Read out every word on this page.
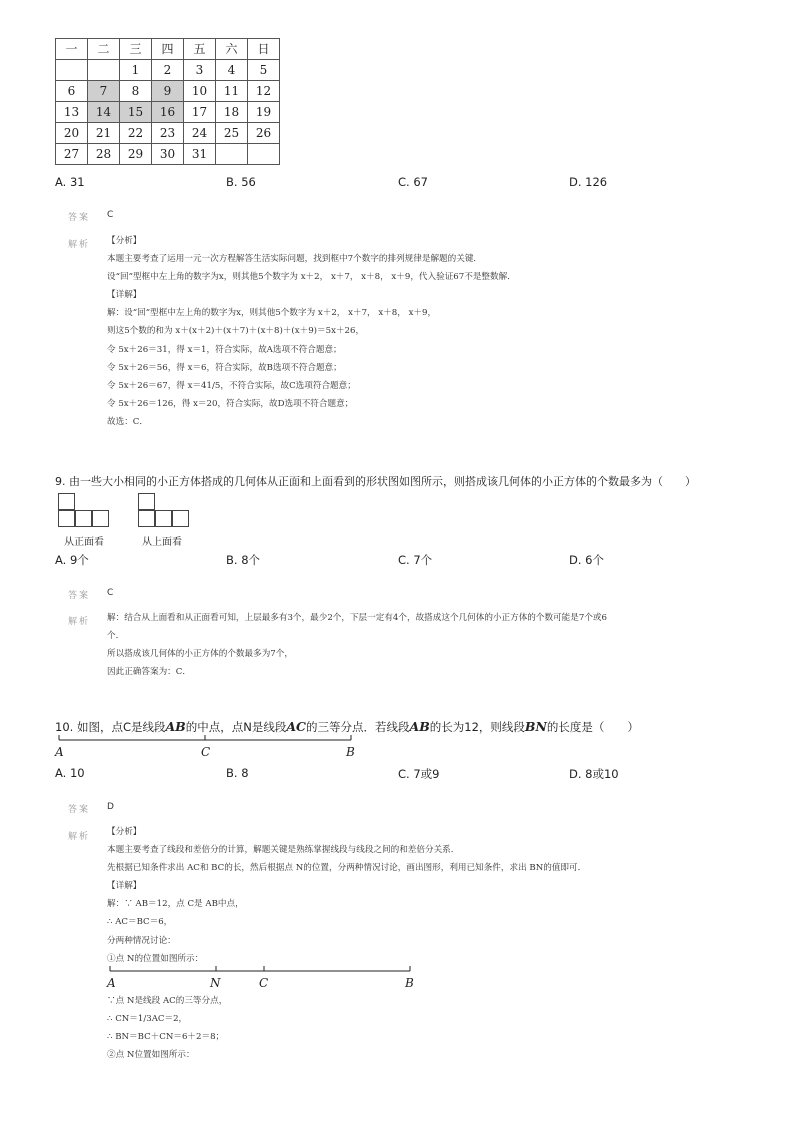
一	二	三	四	五	六	日
		1	2	3	4	5
6	7	8	9	10	11	12
13	14	15	16	17	18	19
20	21	22	23	24	25	26
27	28	29	30	31		
A. 31	B. 56	C. 67	D. 126
答案 C
解析 【分析】
本题主要考查了运用一元一次方程解答生活实际问题，找到框中7个数字的排列规律是解题的关键．
设“回”型框中左上角的数字为x，则其他5个数字为 x＋2， x＋7， x＋8， x＋9，代入验证67不是整数解．
【详解】
解：设“回”型框中左上角的数字为x，则其他5个数字为 x＋2， x＋7， x＋8， x＋9，
则这5个数的和为 x＋(x＋2)＋(x＋7)＋(x＋8)＋(x＋9)＝5x＋26，
令 5x＋26＝31，得 x＝1，符合实际，故A选项不符合题意；
令 5x＋26＝56，得 x＝6，符合实际，故B选项不符合题意；
令 5x＋26＝67，得 x＝41/5，不符合实际，故C选项符合题意；
令 5x＋26＝126，得 x＝20，符合实际，故D选项不符合题意；
故选：C．
9. 由一些大小相同的小正方体搭成的几何体从正面和上面看到的形状图如图所示，则搭成该几何体的小正方体的个数最多为（　　）
从正面看	从上面看
A. 9个	B. 8个	C. 7个	D. 6个
答案 C
解析 解：结合从上面看和从正面看可知，上层最多有3个，最少2个，下层一定有4个，故搭成这个几何体的小正方体的个数可能是7个或6
个．
所以搭成该几何体的小正方体的个数最多为7个，
因此正确答案为：C．
10. 如图，点C是线段AB的中点，点N是线段AC的三等分点．若线段AB的长为12，则线段BN的长度是（　　）
A	C	B
A. 10	B. 8	C. 7或9	D. 8或10
答案 D
解析 【分析】
本题主要考查了线段和差倍分的计算，解题关键是熟练掌握线段与线段之间的和差倍分关系．
先根据已知条件求出 AC和 BC的长，然后根据点 N的位置，分两种情况讨论，画出图形，利用已知条件，求出 BN的值即可．
【详解】
解：∵ AB＝12，点 C是 AB中点，
∴ AC＝BC＝6，
分两种情况讨论：
①点 N的位置如图所示：
A	N	C	B
∵点 N是线段 AC的三等分点，
∴ CN＝1/3AC＝2，
∴ BN＝BC＋CN＝6＋2＝8；
②点 N位置如图所示：
